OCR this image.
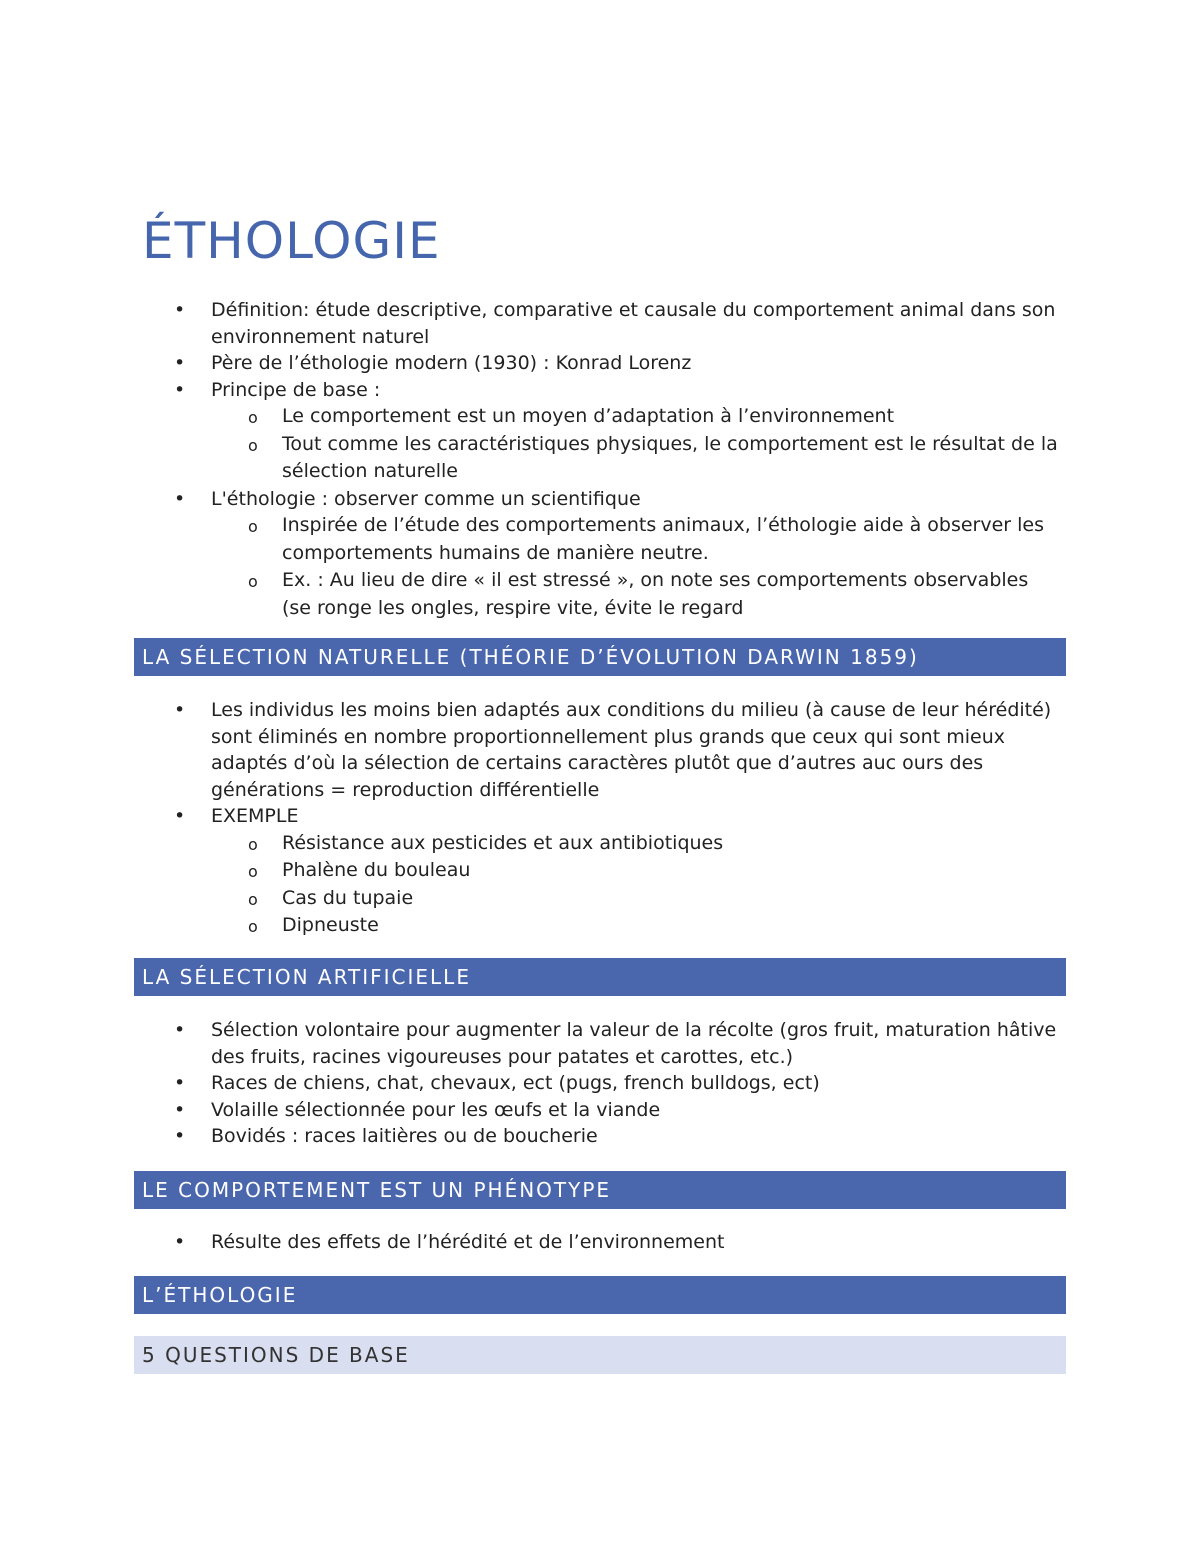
ÉTHOLOGIE
• Définition: étude descriptive, comparative et causale du comportement animal dans son environnement naturel
• Père de l’éthologie modern (1930) : Konrad Lorenz
• Principe de base :
o Le comportement est un moyen d’adaptation à l’environnement
o Tout comme les caractéristiques physiques, le comportement est le résultat de la sélection naturelle
• L'éthologie : observer comme un scientifique
o Inspirée de l’étude des comportements animaux, l’éthologie aide à observer les comportements humains de manière neutre.
o Ex. : Au lieu de dire « il est stressé », on note ses comportements observables (se ronge les ongles, respire vite, évite le regard
LA SÉLECTION NATURELLE (THÉORIE D’ÉVOLUTION DARWIN 1859)
• Les individus les moins bien adaptés aux conditions du milieu (à cause de leur hérédité) sont éliminés en nombre proportionnellement plus grands que ceux qui sont mieux adaptés d’où la sélection de certains caractères plutôt que d’autres auc ours des générations = reproduction différentielle
• EXEMPLE
o Résistance aux pesticides et aux antibiotiques
o Phalène du bouleau
o Cas du tupaie
o Dipneuste
LA SÉLECTION ARTIFICIELLE
• Sélection volontaire pour augmenter la valeur de la récolte (gros fruit, maturation hâtive des fruits, racines vigoureuses pour patates et carottes, etc.)
• Races de chiens, chat, chevaux, ect (pugs, french bulldogs, ect)
• Volaille sélectionnée pour les œufs et la viande
• Bovidés : races laitières ou de boucherie
LE COMPORTEMENT EST UN PHÉNOTYPE
• Résulte des effets de l’hérédité et de l’environnement
L’ÉTHOLOGIE
5 QUESTIONS DE BASE
